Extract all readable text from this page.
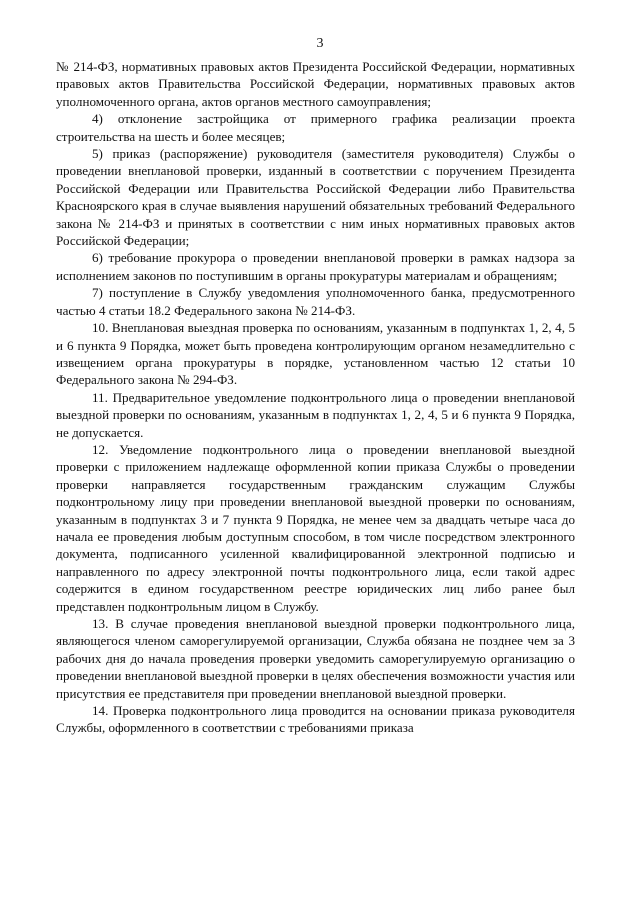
3

№ 214-ФЗ, нормативных правовых актов Президента Российской Федерации, нормативных правовых актов Правительства Российской Федерации, нормативных правовых актов уполномоченного органа, актов органов местного самоуправления;

4) отклонение застройщика от примерного графика реализации проекта строительства на шесть и более месяцев;

5) приказ (распоряжение) руководителя (заместителя руководителя) Службы о проведении внеплановой проверки, изданный в соответствии с поручением Президента Российской Федерации или Правительства Российской Федерации либо Правительства Красноярского края в случае выявления нарушений обязательных требований Федерального закона № 214-ФЗ и принятых в соответствии с ним иных нормативных правовых актов Российской Федерации;

6) требование прокурора о проведении внеплановой проверки в рамках надзора за исполнением законов по поступившим в органы прокуратуры материалам и обращениям;

7) поступление в Службу уведомления уполномоченного банка, предусмотренного частью 4 статьи 18.2 Федерального закона № 214-ФЗ.

10. Внеплановая выездная проверка по основаниям, указанным в подпунктах 1, 2, 4, 5 и 6 пункта 9 Порядка, может быть проведена контролирующим органом незамедлительно с извещением органа прокуратуры в порядке, установленном частью 12 статьи 10 Федерального закона № 294-ФЗ.

11. Предварительное уведомление подконтрольного лица о проведении внеплановой выездной проверки по основаниям, указанным в подпунктах 1, 2, 4, 5 и 6 пункта 9 Порядка, не допускается.

12. Уведомление подконтрольного лица о проведении внеплановой выездной проверки с приложением надлежаще оформленной копии приказа Службы о проведении проверки направляется государственным гражданским служащим Службы подконтрольному лицу при проведении внеплановой выездной проверки по основаниям, указанным в подпунктах 3 и 7 пункта 9 Порядка, не менее чем за двадцать четыре часа до начала ее проведения любым доступным способом, в том числе посредством электронного документа, подписанного усиленной квалифицированной электронной подписью и направленного по адресу электронной почты подконтрольного лица, если такой адрес содержится в едином государственном реестре юридических лиц либо ранее был представлен подконтрольным лицом в Службу.

13. В случае проведения внеплановой выездной проверки подконтрольного лица, являющегося членом саморегулируемой организации, Служба обязана не позднее чем за 3 рабочих дня до начала проведения проверки уведомить саморегулируемую организацию о проведении внеплановой выездной проверки в целях обеспечения возможности участия или присутствия ее представителя при проведении внеплановой выездной проверки.

14. Проверка подконтрольного лица проводится на основании приказа руководителя Службы, оформленного в соответствии с требованиями приказа
